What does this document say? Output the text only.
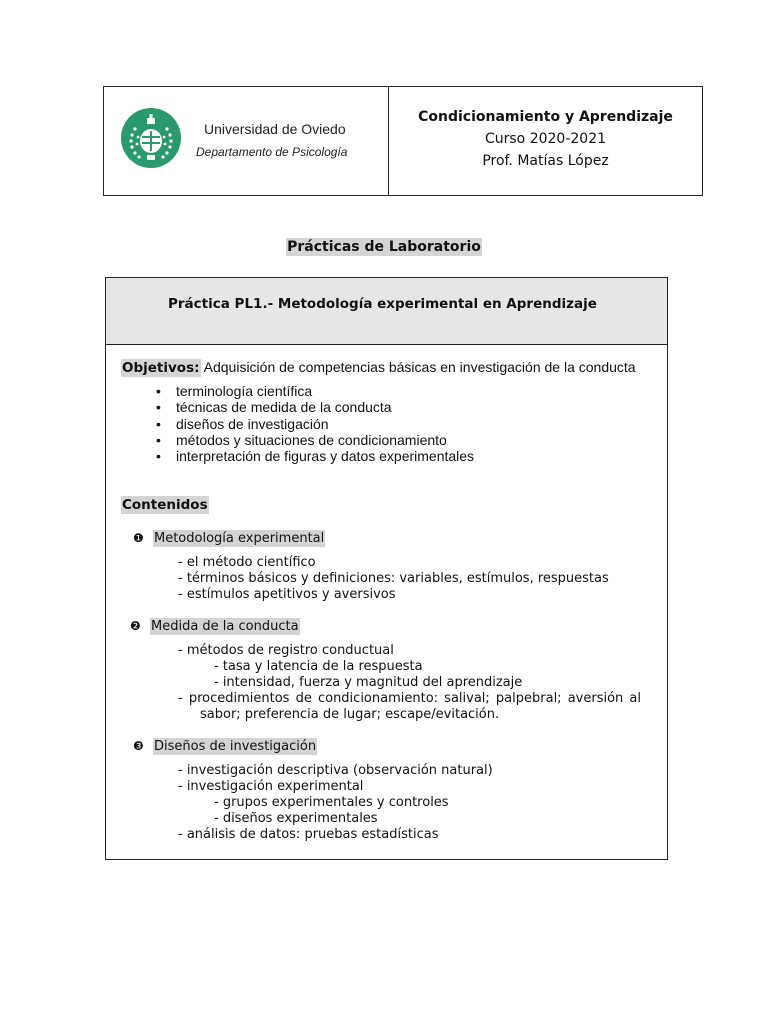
Universidad de Oviedo
Departamento de Psicología
Condicionamiento y Aprendizaje
Curso 2020-2021
Prof. Matías López
Prácticas de Laboratorio
Práctica PL1.- Metodología experimental en Aprendizaje
Objetivos: Adquisición de competencias básicas en investigación de la conducta
• terminología científica
• técnicas de medida de la conducta
• diseños de investigación
• métodos y situaciones de condicionamiento
• interpretación de figuras y datos experimentales
Contenidos
❶ Metodología experimental
- el método científico
- términos básicos y definiciones: variables, estímulos, respuestas
- estímulos apetitivos y aversivos
❷ Medida de la conducta
- métodos de registro conductual
- tasa y latencia de la respuesta
- intensidad, fuerza y magnitud del aprendizaje
- procedimientos de condicionamiento: salival; palpebral; aversión al
sabor; preferencia de lugar; escape/evitación.
❸ Diseños de investigación
- investigación descriptiva (observación natural)
- investigación experimental
- grupos experimentales y controles
- diseños experimentales
- análisis de datos: pruebas estadísticas
